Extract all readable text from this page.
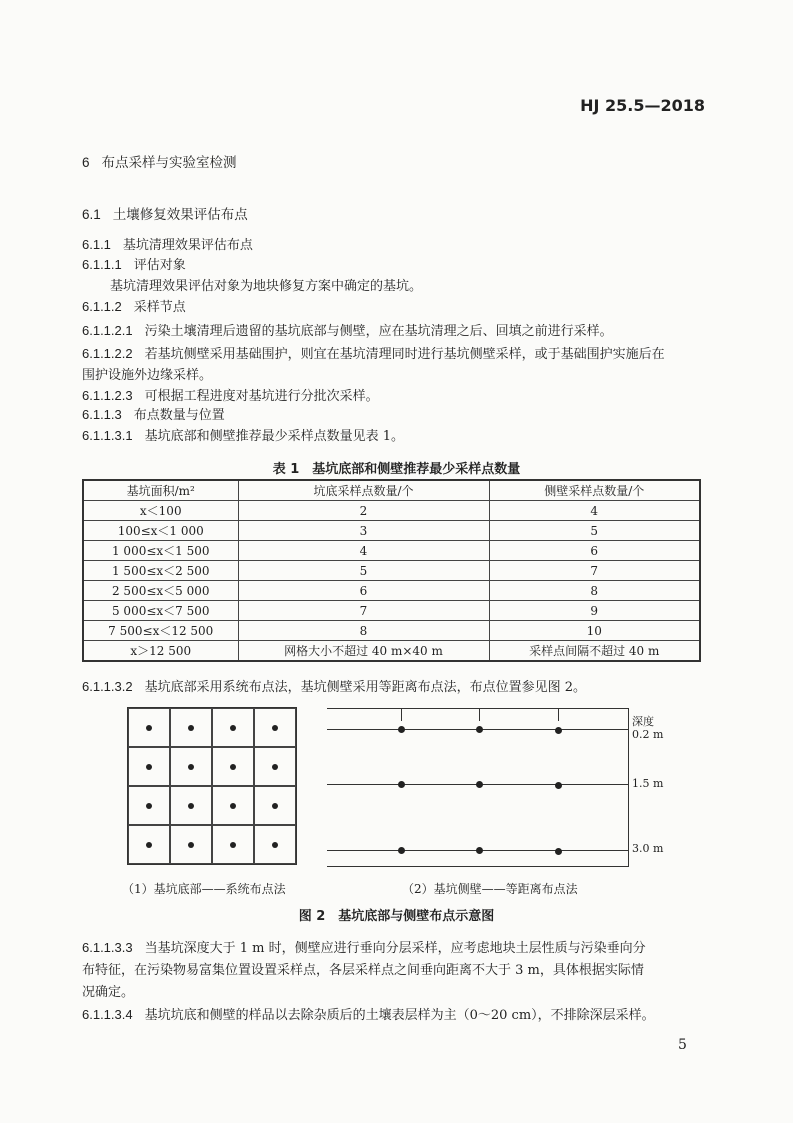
HJ 25.5—2018
6 布点采样与实验室检测
6.1 土壤修复效果评估布点
6.1.1 基坑清理效果评估布点
6.1.1.1 评估对象
基坑清理效果评估对象为地块修复方案中确定的基坑。
6.1.1.2 采样节点
6.1.1.2.1 污染土壤清理后遗留的基坑底部与侧壁，应在基坑清理之后、回填之前进行采样。
6.1.1.2.2 若基坑侧壁采用基础围护，则宜在基坑清理同时进行基坑侧壁采样，或于基础围护实施后在
围护设施外边缘采样。
6.1.1.2.3 可根据工程进度对基坑进行分批次采样。
6.1.1.3 布点数量与位置
6.1.1.3.1 基坑底部和侧壁推荐最少采样点数量见表 1。
表 1　基坑底部和侧壁推荐最少采样点数量
基坑面积/m²	坑底采样点数量/个	侧壁采样点数量/个
x＜100	2	4
100≤x＜1 000	3	5
1 000≤x＜1 500	4	6
1 500≤x＜2 500	5	7
2 500≤x＜5 000	6	8
5 000≤x＜7 500	7	9
7 500≤x＜12 500	8	10
x＞12 500	网格大小不超过 40 m×40 m	采样点间隔不超过 40 m
6.1.1.3.2 基坑底部采用系统布点法，基坑侧壁采用等距离布点法，布点位置参见图 2。
深度
0.2 m
1.5 m
3.0 m
（1）基坑底部——系统布点法	（2）基坑侧壁——等距离布点法
图 2　基坑底部与侧壁布点示意图
6.1.1.3.3 当基坑深度大于 1 m 时，侧壁应进行垂向分层采样，应考虑地块土层性质与污染垂向分
布特征，在污染物易富集位置设置采样点，各层采样点之间垂向距离不大于 3 m，具体根据实际情
况确定。
6.1.1.3.4 基坑坑底和侧壁的样品以去除杂质后的土壤表层样为主（0～20 cm），不排除深层采样。
5
